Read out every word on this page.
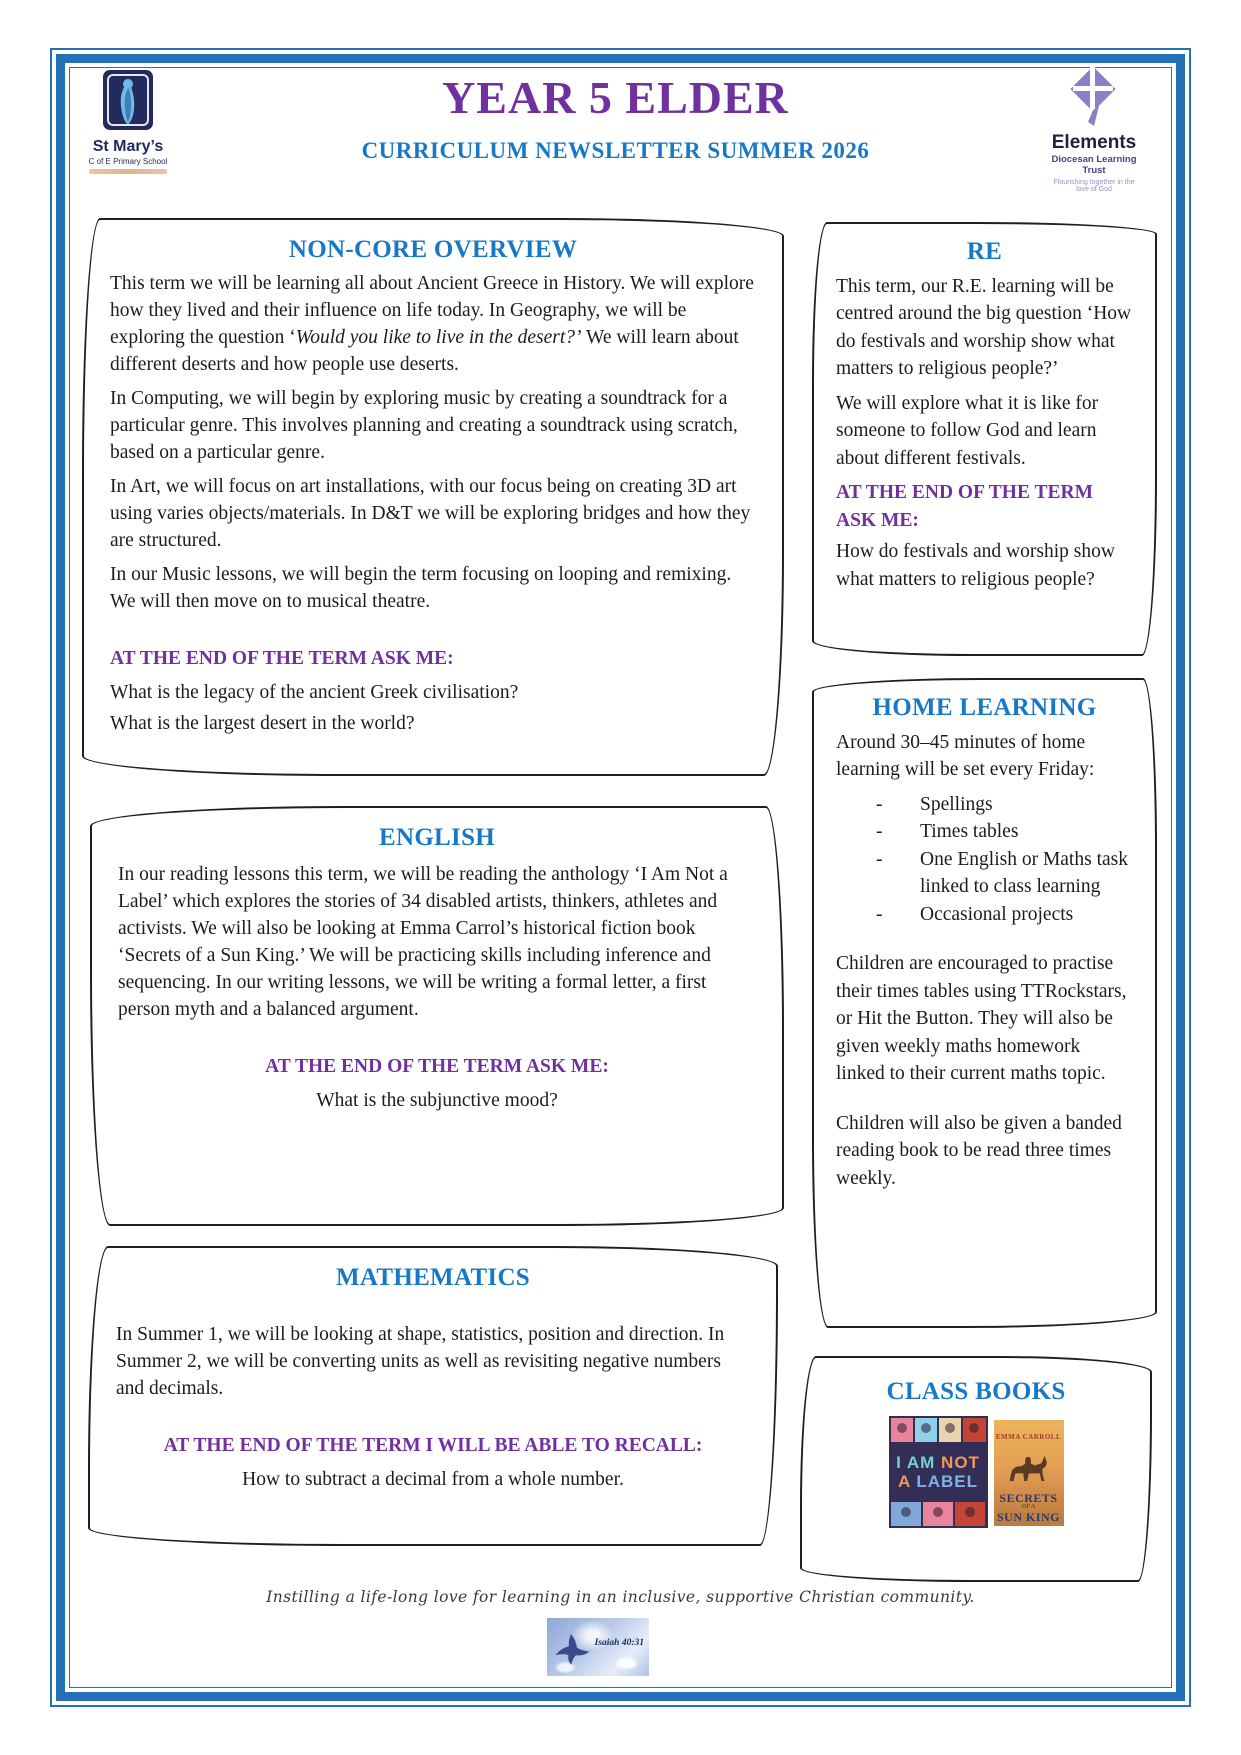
St Mary’s
C of E Primary School
YEAR 5 ELDER
CURRICULUM NEWSLETTER SUMMER 2026	Elements
Diocesan Learning Trust
Flourishing together in the love of God
NON-CORE OVERVIEW

This term we will be learning all about Ancient Greece in History. We will explore how they lived and their influence on life today. In Geography, we will be exploring the question ‘Would you like to live in the desert?’ We will learn about different deserts and how people use deserts.

In Computing, we will begin by exploring music by creating a soundtrack for a particular genre. This involves planning and creating a soundtrack using scratch, based on a particular genre.

In Art, we will focus on art installations, with our focus being on creating 3D art using varies objects/materials. In D&T we will be exploring bridges and how they are structured.

In our Music lessons, we will begin the term focusing on looping and remixing. We will then move on to musical theatre.

AT THE END OF THE TERM ASK ME:

What is the legacy of the ancient Greek civilisation?

What is the largest desert in the world?

RE

This term, our R.E. learning will be centred around the big question ‘How do festivals and worship show what matters to religious people?’

We will explore what it is like for someone to follow God and learn about different festivals.

AT THE END OF THE TERM ASK ME:

How do festivals and worship show what matters to religious people?

ENGLISH

In our reading lessons this term, we will be reading the anthology ‘I Am Not a Label’ which explores the stories of 34 disabled artists, thinkers, athletes and activists. We will also be looking at Emma Carrol’s historical fiction book ‘Secrets of a Sun King.’ We will be practicing skills including inference and sequencing. In our writing lessons, we will be writing a formal letter, a first person myth and a balanced argument.

AT THE END OF THE TERM ASK ME:

What is the subjunctive mood?

HOME LEARNING

Around 30–45 minutes of home learning will be set every Friday:

-	Spellings
-	Times tables
-	One English or Maths task linked to class learning
-	Occasional projects

Children are encouraged to practise their times tables using TTRockstars, or Hit the Button. They will also be given weekly maths homework linked to their current maths topic.

Children will also be given a banded reading book to be read three times weekly.

MATHEMATICS

In Summer 1, we will be looking at shape, statistics, position and direction. In Summer 2, we will be converting units as well as revisiting negative numbers and decimals.

AT THE END OF THE TERM I WILL BE ABLE TO RECALL:

How to subtract a decimal from a whole number.

CLASS BOOKS
I AM NOT
A LABEL
EMMA CARROLL
SECRETS
OF A
SUN KING
Instilling a life-long love for learning in an inclusive, supportive Christian community.
Isaiah 40:31
